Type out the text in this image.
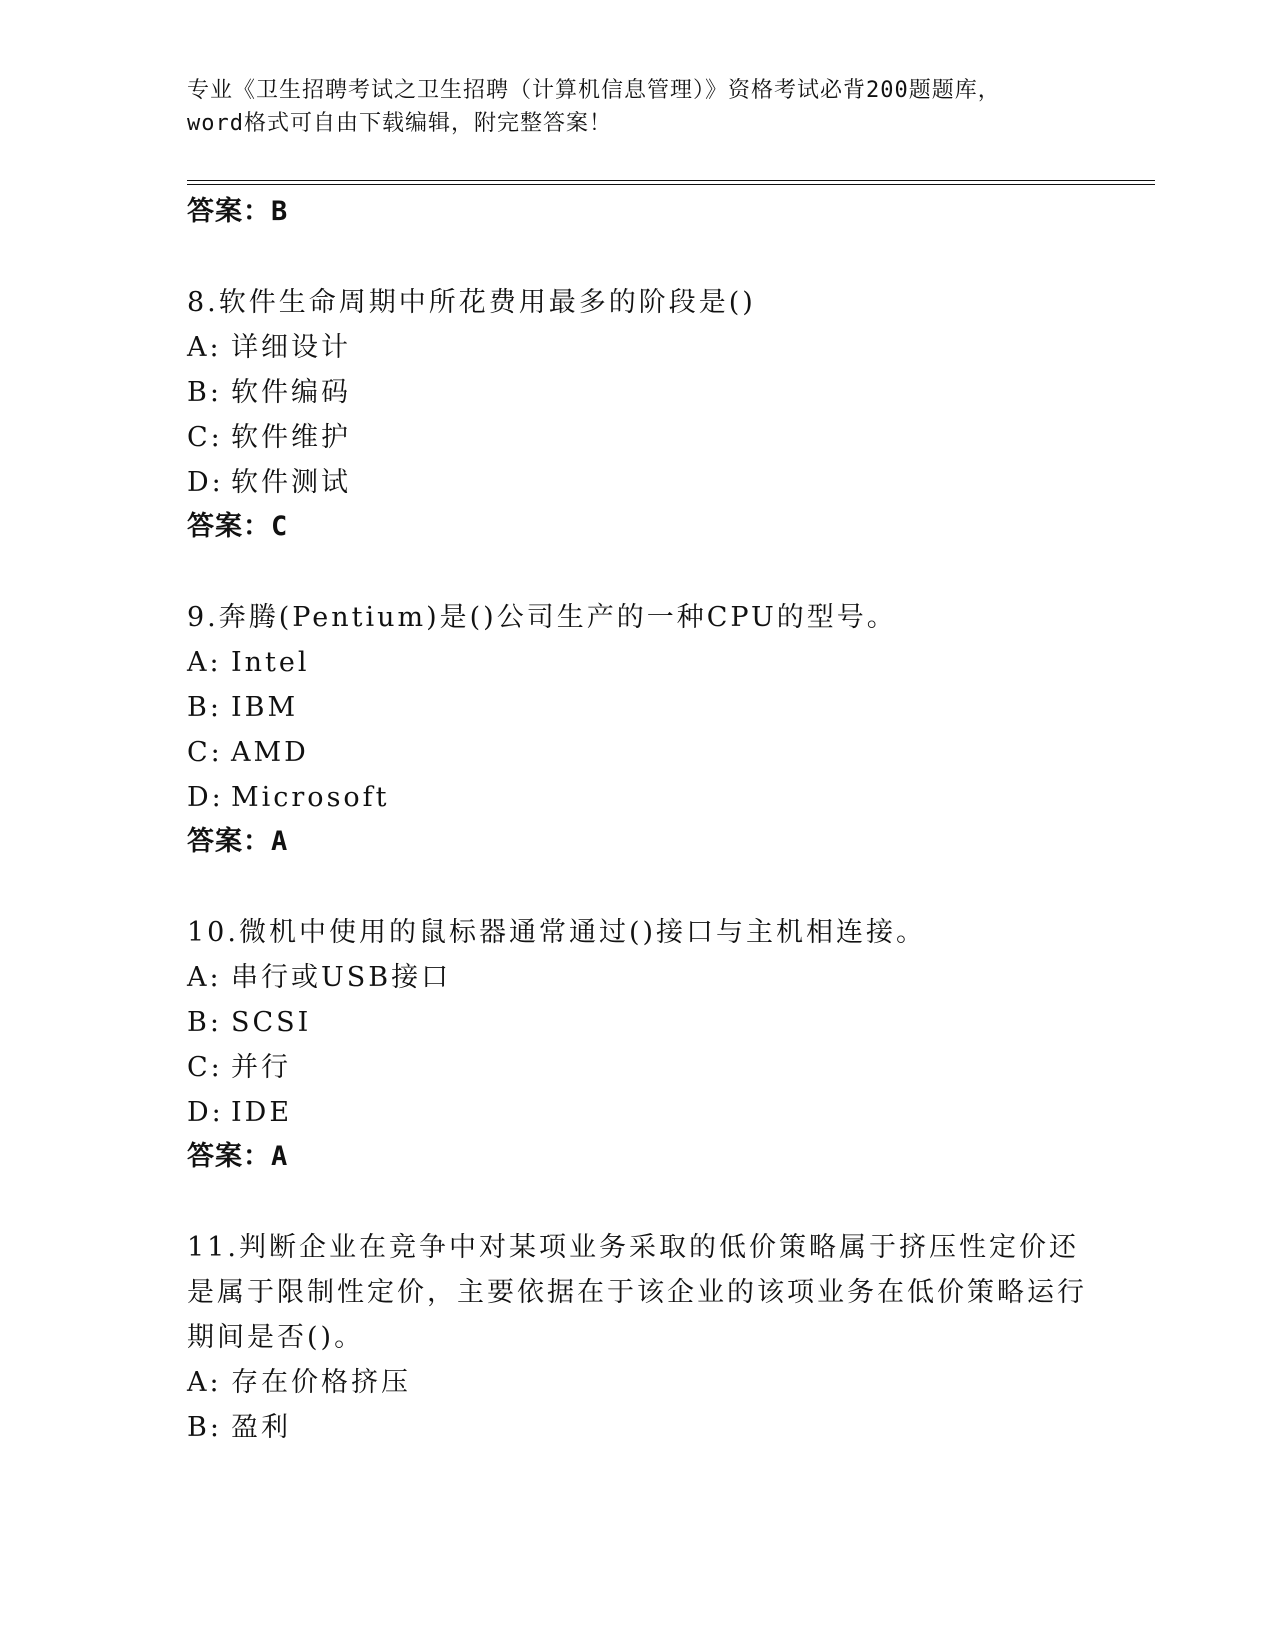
专业《卫生招聘考试之卫生招聘（计算机信息管理）》资格考试必背200题题库，
word格式可自由下载编辑，附完整答案！
答案：B
8.软件生命周期中所花费用最多的阶段是()
A: 详细设计
B: 软件编码
C: 软件维护
D: 软件测试
答案：C
9.奔腾(Pentium)是()公司生产的一种CPU的型号。
A: Intel
B: IBM
C: AMD
D: Microsoft
答案：A
10.微机中使用的鼠标器通常通过()接口与主机相连接。
A: 串行或USB接口
B: SCSI
C: 并行
D: IDE
答案：A
11.判断企业在竞争中对某项业务采取的低价策略属于挤压性定价还是属于限制性定价，主要依据在于该企业的该项业务在低价策略运行期间是否()。
A: 存在价格挤压
B: 盈利
